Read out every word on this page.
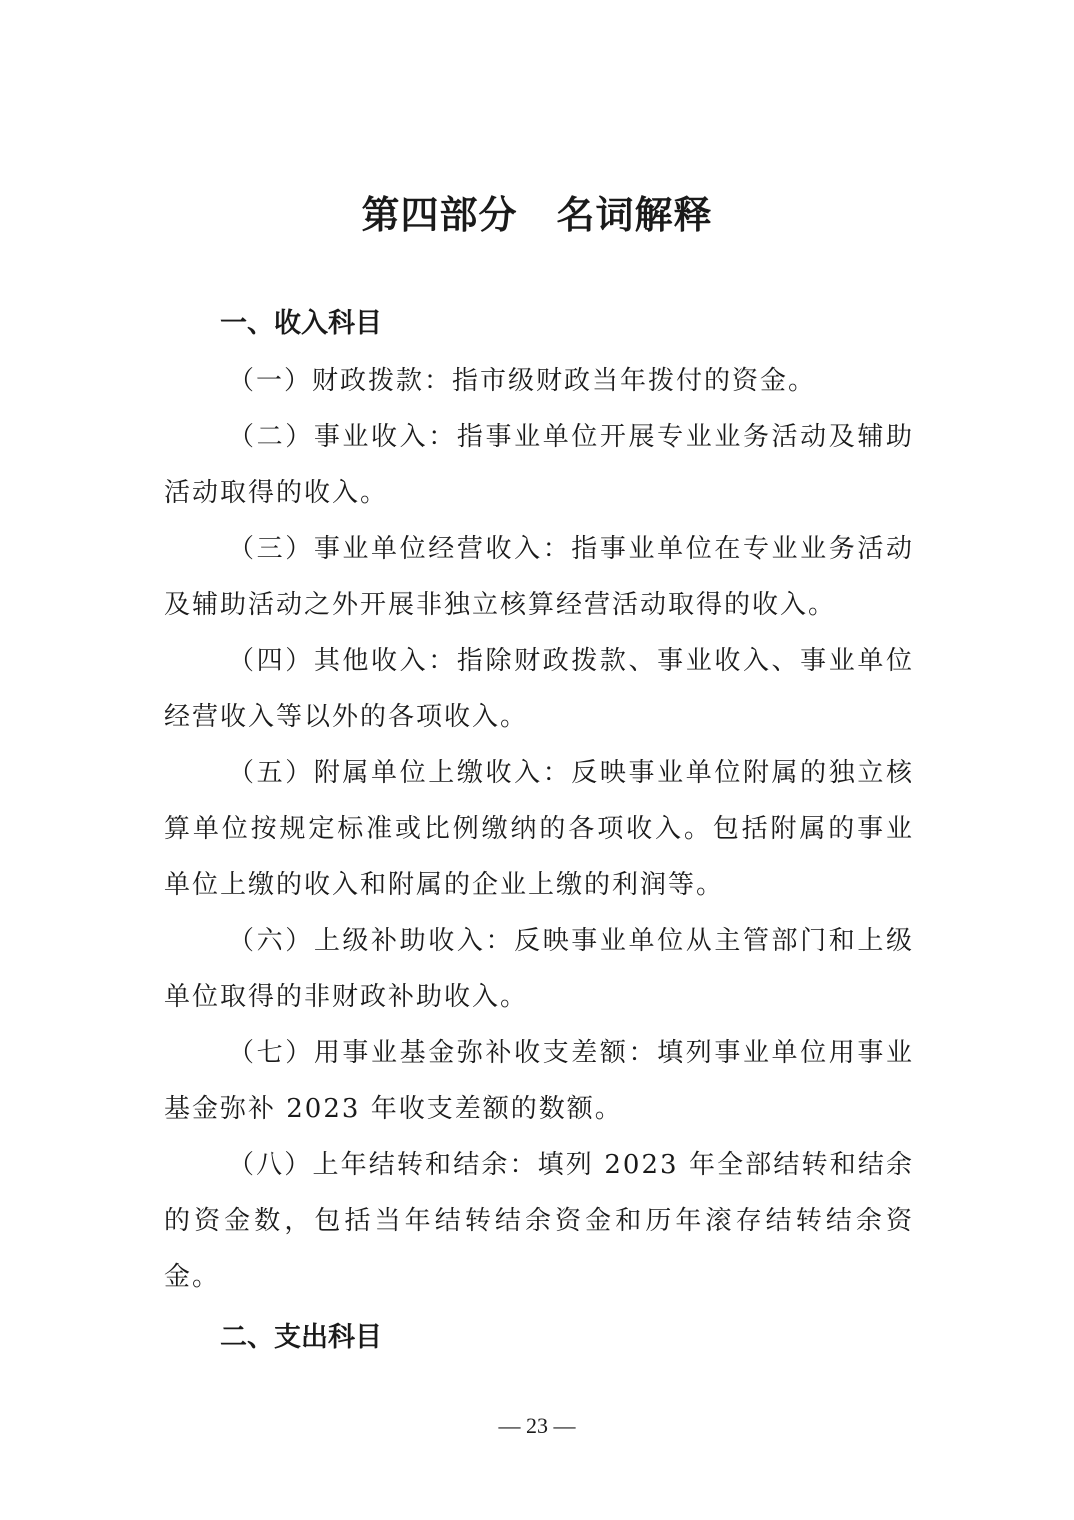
第四部分　名词解释
一、收入科目

（一）财政拨款：指市级财政当年拨付的资金。

（二）事业收入：指事业单位开展专业业务活动及辅助活动取得的收入。

（三）事业单位经营收入：指事业单位在专业业务活动及辅助活动之外开展非独立核算经营活动取得的收入。

（四）其他收入：指除财政拨款、事业收入、事业单位经营收入等以外的各项收入。

（五）附属单位上缴收入：反映事业单位附属的独立核算单位按规定标准或比例缴纳的各项收入。包括附属的事业单位上缴的收入和附属的企业上缴的利润等。

（六）上级补助收入：反映事业单位从主管部门和上级单位取得的非财政补助收入。

（七）用事业基金弥补收支差额：填列事业单位用事业基金弥补 2023 年收支差额的数额。

（八）上年结转和结余：填列 2023 年全部结转和结余的资金数，包括当年结转结余资金和历年滚存结转结余资金。

二、支出科目
— 23 —
